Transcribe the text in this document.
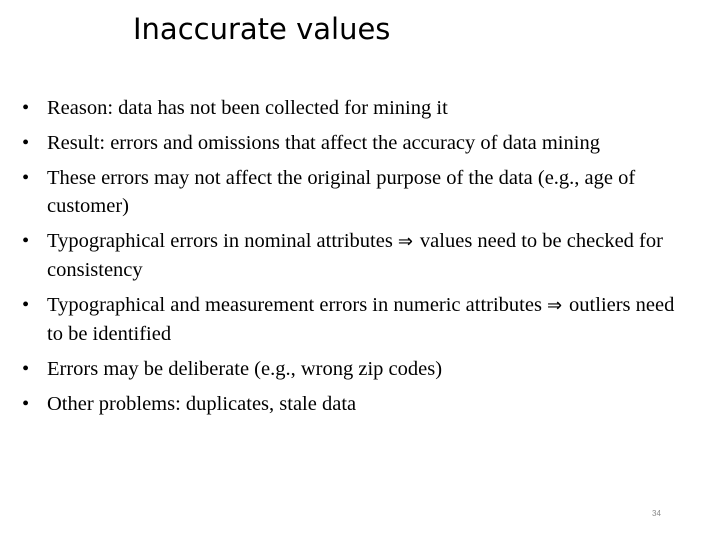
Inaccurate values
• Reason: data has not been collected for mining it
• Result: errors and omissions that affect the accuracy of data mining
• These errors may not affect the original purpose of the data (e.g., age of customer)
• Typographical errors in nominal attributes ⇒ values need to be checked for consistency
• Typographical and measurement errors in numeric attributes ⇒ outliers need to be identified
• Errors may be deliberate (e.g., wrong zip codes)
• Other problems: duplicates, stale data
34
